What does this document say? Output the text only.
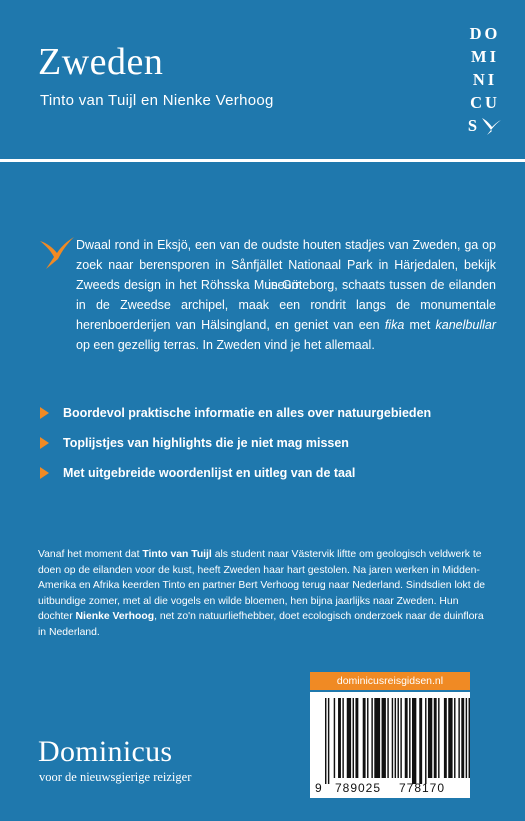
Zweden
Tinto van Tuijl en Nienke Verhoog
DO
MI
NI
CU
S
Dwaal rond in Eksjö, een van de oudste houten stadjes van Zweden, ga op zoek naar berensporen in Sånfjället Nationaal Park in Härjedalen, bekijk Zweeds design in het Röhsska Museum in Göteborg, schaats tussen de eilanden in de Zweedse archipel, maak een rondrit langs de monumentale herenboerderijen van Hälsingland, en geniet van een fika met kanelbullar op een gezellig terras. In Zweden vind je het allemaal.
Boordevol praktische informatie en alles over natuurgebieden
Toplijstjes van highlights die je niet mag missen
Met uitgebreide woordenlijst en uitleg van de taal
Vanaf het moment dat Tinto van Tuijl als student naar Västervik liftte om geologisch veldwerk te doen op de eilanden voor de kust, heeft Zweden haar hart gestolen. Na jaren werken in Midden-Amerika en Afrika keerden Tinto en partner Bert Verhoog terug naar Nederland. Sindsdien lokt de uitbundige zomer, met al die vogels en wilde bloemen, hen bijna jaarlijks naar Zweden. Hun dochter Nienke Verhoog, net zo'n natuurliefhebber, doet ecologisch onderzoek naar de duinflora in Nederland.
Dominicus
voor de nieuwsgierige reiziger
dominicusreisgidsen.nl
9 789025 778170
